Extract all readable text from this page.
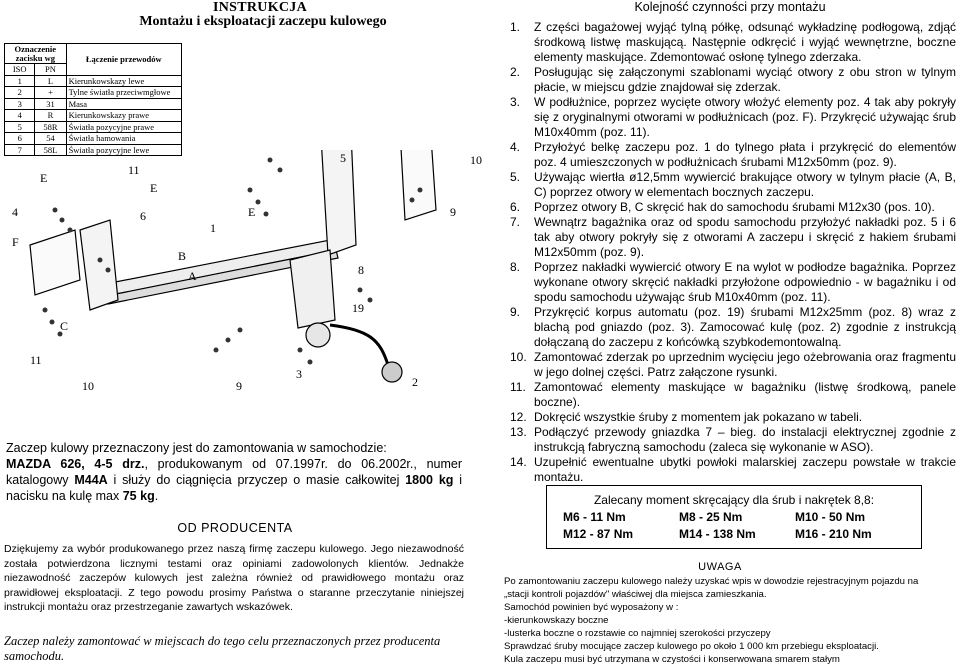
INSTRUKCJA
Montażu i eksploatacji zaczepu kulowego
Oznaczenie zacisku wg		Łączenie przewodów
ISO	PN	
1	L	Kierunkowskazy lewe
2	+	Tylne światła przeciwmgłowe
3	31	Masa
4	R	Kierunkowskazy prawe
5	58R	Światła pozycyjne prawe
6	54	Światła hamowania
7	58L	Światła pozycyjne lewe
E
11
E
6
4
F
C
11
10
B
A
1
E
9
5	10
9
8
19
3
2
Zaczep kulowy przeznaczony jest do zamontowania w samochodzie:
MAZDA 626, 4-5 drz., produkowanym od 07.1997r. do 06.2002r., numer katalogowy M44A i służy do ciągnięcia przyczep o masie całkowitej 1800 kg i nacisku na kulę max 75 kg.
OD PRODUCENTA
Dziękujemy za wybór produkowanego przez naszą firmę zaczepu kulowego. Jego niezawodność została potwierdzona licznymi testami oraz opiniami zadowolonych klientów. Jednakże niezawodność zaczepów kulowych jest zależna również od prawidłowego montażu oraz prawidłowej eksploatacji. Z tego powodu prosimy Państwa o staranne przeczytanie niniejszej instrukcji montażu oraz przestrzeganie zawartych wskazówek.
Zaczep należy zamontować w miejscach do tego celu przeznaczonych przez producenta samochodu.
Kolejność czynności przy montażu
1.	Z części bagażowej wyjąć tylną półkę, odsunąć wykładzinę podłogową, zdjąć środkową listwę maskującą. Następnie odkręcić i wyjąć wewnętrzne, boczne elementy maskujące. Zdemontować osłonę tylnego zderzaka.
2.	Posługując się załączonymi szablonami wyciąć otwory z obu stron w tylnym płacie, w miejscu gdzie znajdował się zderzak.
3.	W podłużnice, poprzez wycięte otwory włożyć elementy poz. 4 tak aby pokryły się z oryginalnymi otworami w podłużnicach (poz. F). Przykręcić używając śrub M10x40mm (poz. 11).
4.	Przyłożyć belkę zaczepu poz. 1 do tylnego płata i przykręcić do elementów poz. 4 umieszczonych w podłużnicach śrubami M12x50mm (poz. 9).
5.	Używając wiertła ø12,5mm wywiercić brakujące otwory w tylnym płacie (A, B, C) poprzez otwory w elementach bocznych zaczepu.
6.	Poprzez otwory B, C skręcić hak do samochodu śrubami M12x30 (pos. 10).
7.	Wewnątrz bagażnika oraz od spodu samochodu przyłożyć nakładki poz. 5 i 6 tak aby otwory pokryły się z otworami A zaczepu i skręcić z hakiem śrubami M12x50mm (poz. 9).
8.	Poprzez nakładki wywiercić otwory E na wylot w podłodze bagażnika. Poprzez wykonane otwory skręcić nakładki przyłożone odpowiednio - w bagażniku i od spodu samochodu używając śrub M10x40mm (poz. 11).
9.	Przykręcić korpus automatu (poz. 19) śrubami M12x25mm (poz. 8) wraz z blachą pod gniazdo (poz. 3). Zamocować kulę (poz. 2) zgodnie z instrukcją dołączaną do zaczepu z końcówką szybkodemontowalną.
10. Zamontować zderzak po uprzednim wycięciu jego ożebrowania oraz fragmentu w jego dolnej części. Patrz załączone rysunki.
11. Zamontować elementy maskujące w bagażniku (listwę środkową, panele boczne).
12. Dokręcić wszystkie śruby z momentem jak pokazano w tabeli.
13. Podłączyć przewody gniazdka 7 – bieg. do instalacji elektrycznej zgodnie z instrukcją fabryczną samochodu (zaleca się wykonanie w ASO).
14. Uzupełnić ewentualne ubytki powłoki malarskiej zaczepu powstałe w trakcie montażu.
Zalecany moment skręcający dla śrub i nakrętek 8,8:
M6 - 11 Nm	M8 - 25 Nm	M10 - 50 Nm
M12 - 87 Nm	M14 - 138 Nm	M16 - 210 Nm
UWAGA
Po zamontowaniu zaczepu kulowego należy uzyskać wpis w dowodzie rejestracyjnym pojazdu na
„stacji kontroli pojazdów" właściwej dla miejsca zamieszkania.
Samochód powinien być wyposażony w :
-kierunkowskazy boczne
-lusterka boczne o rozstawie co najmniej szerokości przyczepy
Sprawdzać śruby mocujące zaczep kulowego po około 1 000 km przebiegu eksploatacji.
Kula zaczepu musi być utrzymana w czystości i konserwowana smarem stałym
